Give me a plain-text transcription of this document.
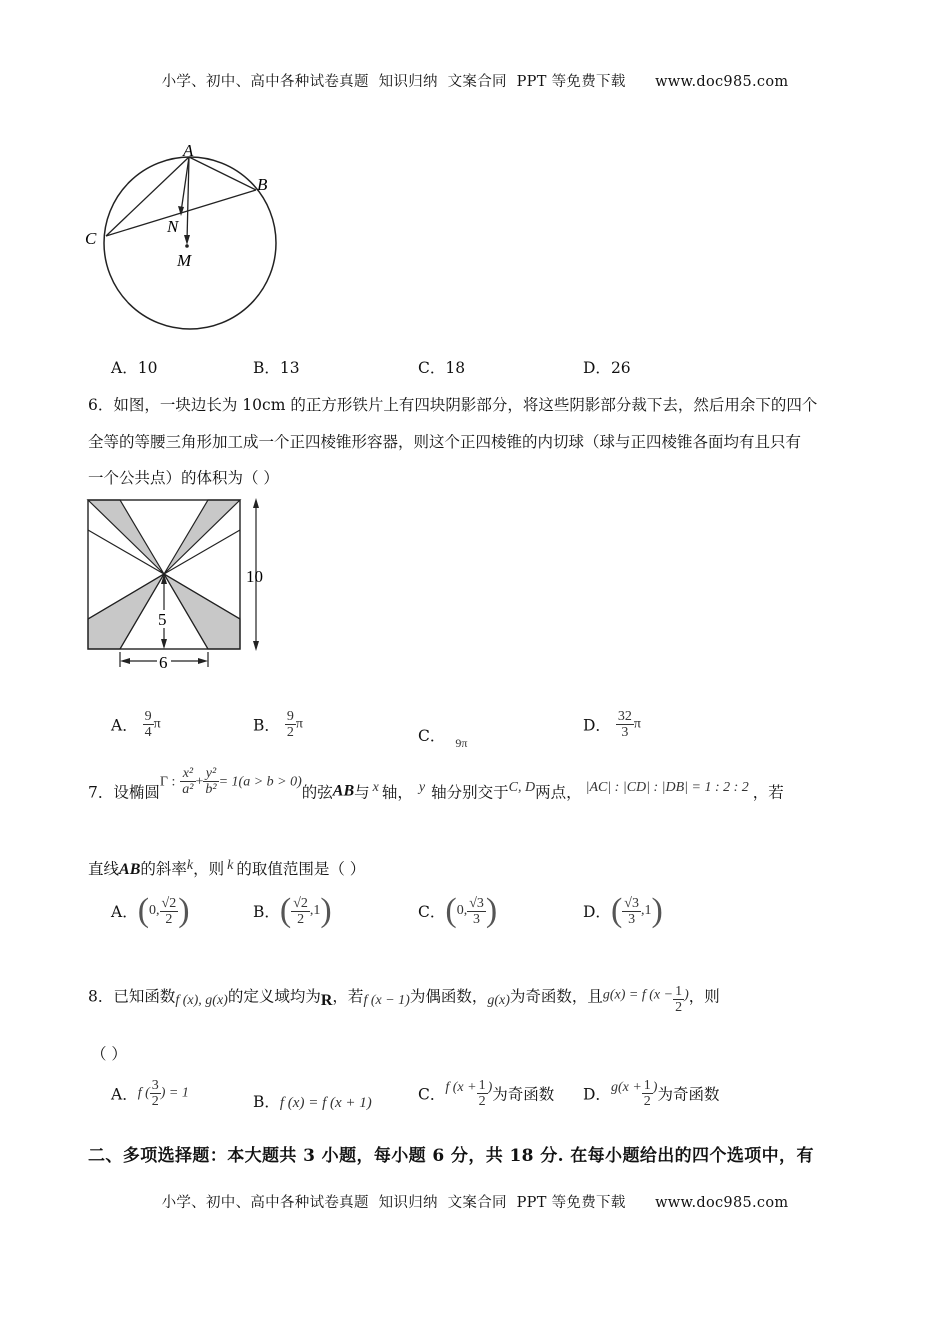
小学、初中、高中各种试卷真题  知识归纳  文案合同  PPT 等免费下载      www.doc985.com
A
B
C
N
M
A．10	B．13	C．18	D．26
6．如图，一块边长为 10cm 的正方形铁片上有四块阴影部分，将这些阴影部分裁下去，然后用余下的四个
全等的等腰三角形加工成一个正四棱锥形容器，则这个正四棱锥的内切球（球与正四棱锥各面均有且只有
一个公共点）的体积为（ ）
5
10
6
A． $\frac{9}{4}$ π	B． $\frac{9}{2}$ π
C． $_{9\pi}$
D． $\frac{32}{3}$ π
7．设椭圆Γ : $\frac{\text{x²}}{\text{a²}} + \frac{\text{y²}}{\text{b²}} = 1(a > b > 0)$的弦AB与 x 轴， y 轴分别交于C, D两点， |AC| : |CD| : |DB| = 1 : 2 : 2 ，若
直线AB的斜率k，则 k 的取值范围是（ ）
A．(0, $\frac{√2}{2}$ )	B．( $\frac{√2}{2} ,1$)	C．(0, $\frac{√3}{3}$ )	D．( $\frac{√3}{3} ,1$)
8．已知函数f (x), g(x)的定义域均为R，若f (x − 1)为偶函数，g(x)为奇函数，且g(x) = f ($x - \frac{1}{2}$ )，则
（ ）
A．f ( $\frac{3}{2}$ ) = 1	B．f (x) = f (x + 1)	C．f ($x + \frac{1}{2}$ )为奇函数 D．$g(x + \frac{1}{2}$ )为奇函数
二、多项选择题：本大题共 3 小题，每小题 6 分，共 18 分. 在每小题给出的四个选项中，有
小学、初中、高中各种试卷真题  知识归纳  文案合同  PPT 等免费下载      www.doc985.com
